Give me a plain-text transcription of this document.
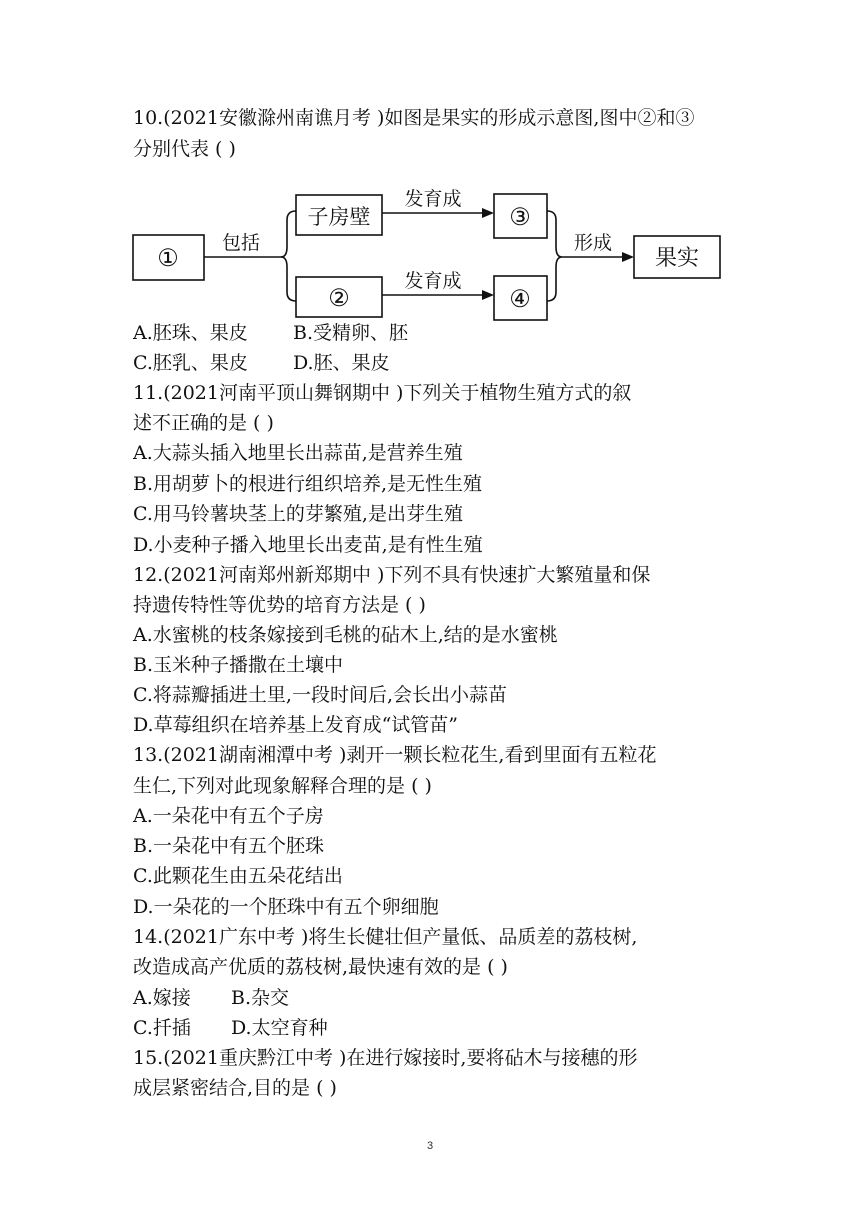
10.(2021安徽滁州南谯月考 )如图是果实的形成示意图,图中②和③
分别代表 ( )
①
子房壁
②
③
④
果实
包括
发育成
发育成
形成
A.胚珠、果皮 B.受精卵、胚
C.胚乳、果皮 D.胚、果皮
11.(2021河南平顶山舞钢期中 )下列关于植物生殖方式的叙
述不正确的是 ( )
A.大蒜头插入地里长出蒜苗,是营养生殖
B.用胡萝卜的根进行组织培养,是无性生殖
C.用马铃薯块茎上的芽繁殖,是出芽生殖
D.小麦种子播入地里长出麦苗,是有性生殖
12.(2021河南郑州新郑期中 )下列不具有快速扩大繁殖量和保
持遗传特性等优势的培育方法是 ( )
A.水蜜桃的枝条嫁接到毛桃的砧木上,结的是水蜜桃
B.玉米种子播撒在土壤中
C.将蒜瓣插进土里,一段时间后,会长出小蒜苗
D.草莓组织在培养基上发育成“试管苗”
13.(2021湖南湘潭中考 )剥开一颗长粒花生,看到里面有五粒花
生仁,下列对此现象解释合理的是 ( )
A.一朵花中有五个子房
B.一朵花中有五个胚珠
C.此颗花生由五朵花结出
D.一朵花的一个胚珠中有五个卵细胞
14.(2021广东中考 )将生长健壮但产量低、品质差的荔枝树,
改造成高产优质的荔枝树,最快速有效的是 ( )
A.嫁接 B.杂交
C.扦插 D.太空育种
15.(2021重庆黔江中考 )在进行嫁接时,要将砧木与接穗的形
成层紧密结合,目的是 ( )
3
